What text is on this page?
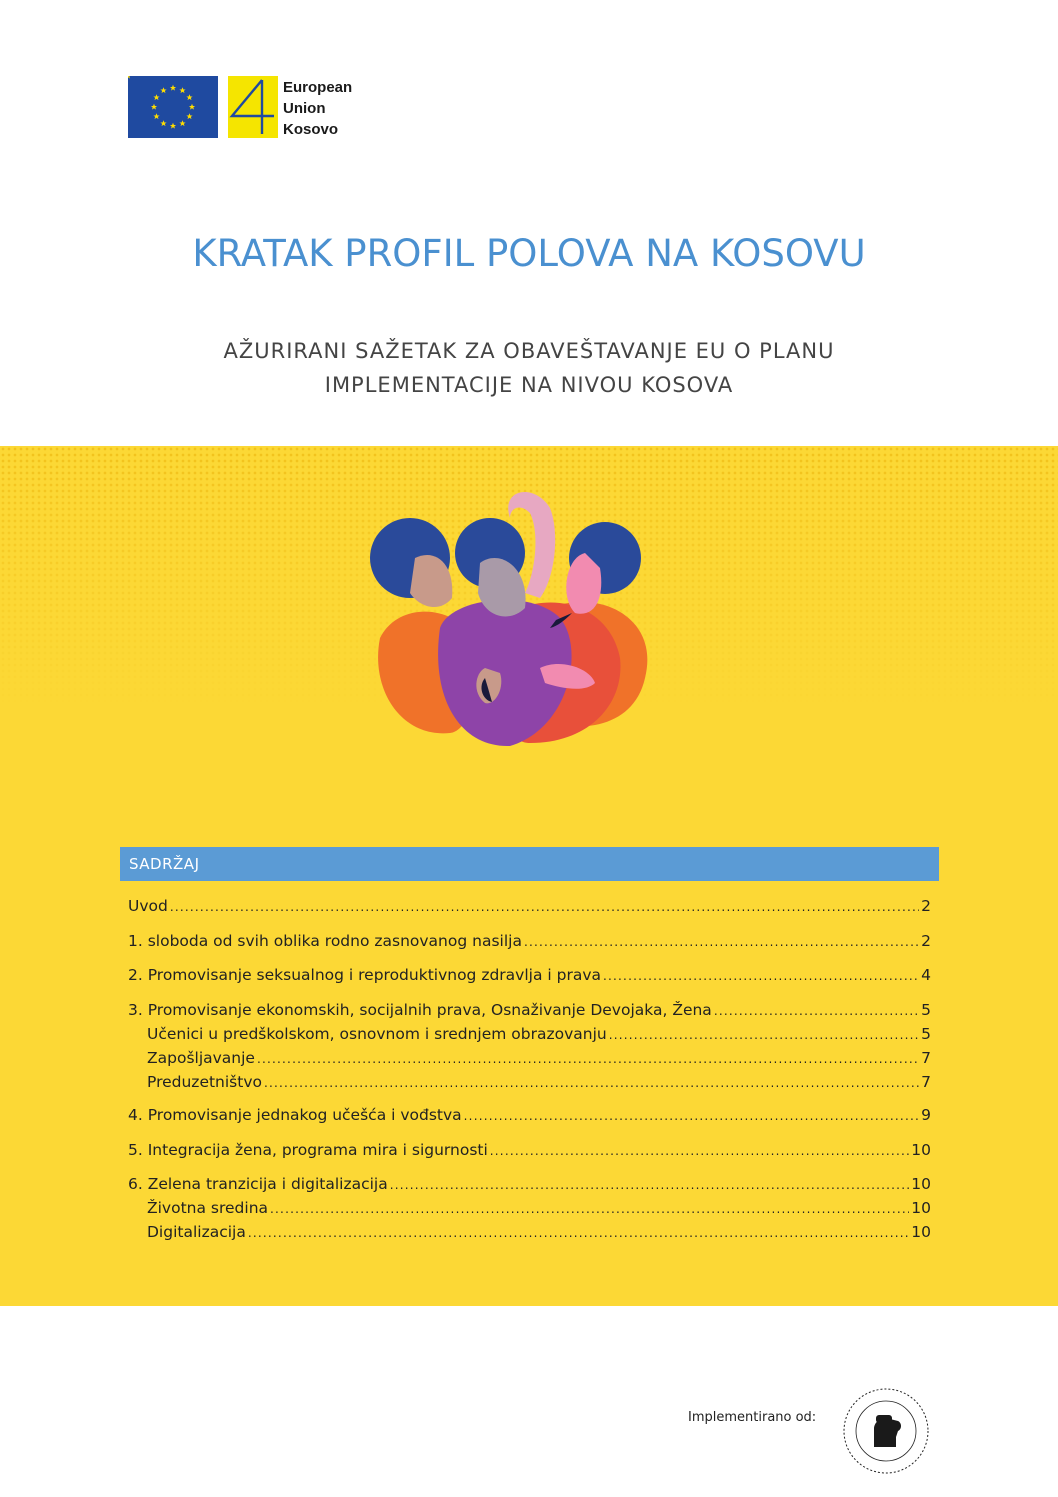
European
Union
Kosovo
KRATAK PROFIL POLOVA NA KOSOVU
AŽURIRANI SAŽETAK ZA OBAVEŠTAVANJE EU O PLANU
IMPLEMENTACIJE NA NIVOU KOSOVA
SADRŽAJ
Uvod .....	2
1. sloboda od svih oblika rodno zasnovanog nasilja .....	2
2. Promovisanje seksualnog i reproduktivnog zdravlja i prava .....	4
3. Promovisanje ekonomskih, socijalnih prava, Osnaživanje Devojaka, Žena .....	5
Učenici u predškolskom, osnovnom i srednjem obrazovanju .....	5
Zapošljavanje .....	7
Preduzetništvo .....	7
4. Promovisanje jednakog učešća i vođstva .....	9
5. Integracija žena, programa mira i sigurnosti .....	10
6. Zelena tranzicija i digitalizacija .....	10
Životna sredina .....	10
Digitalizacija .....	10
Implementirano od:
